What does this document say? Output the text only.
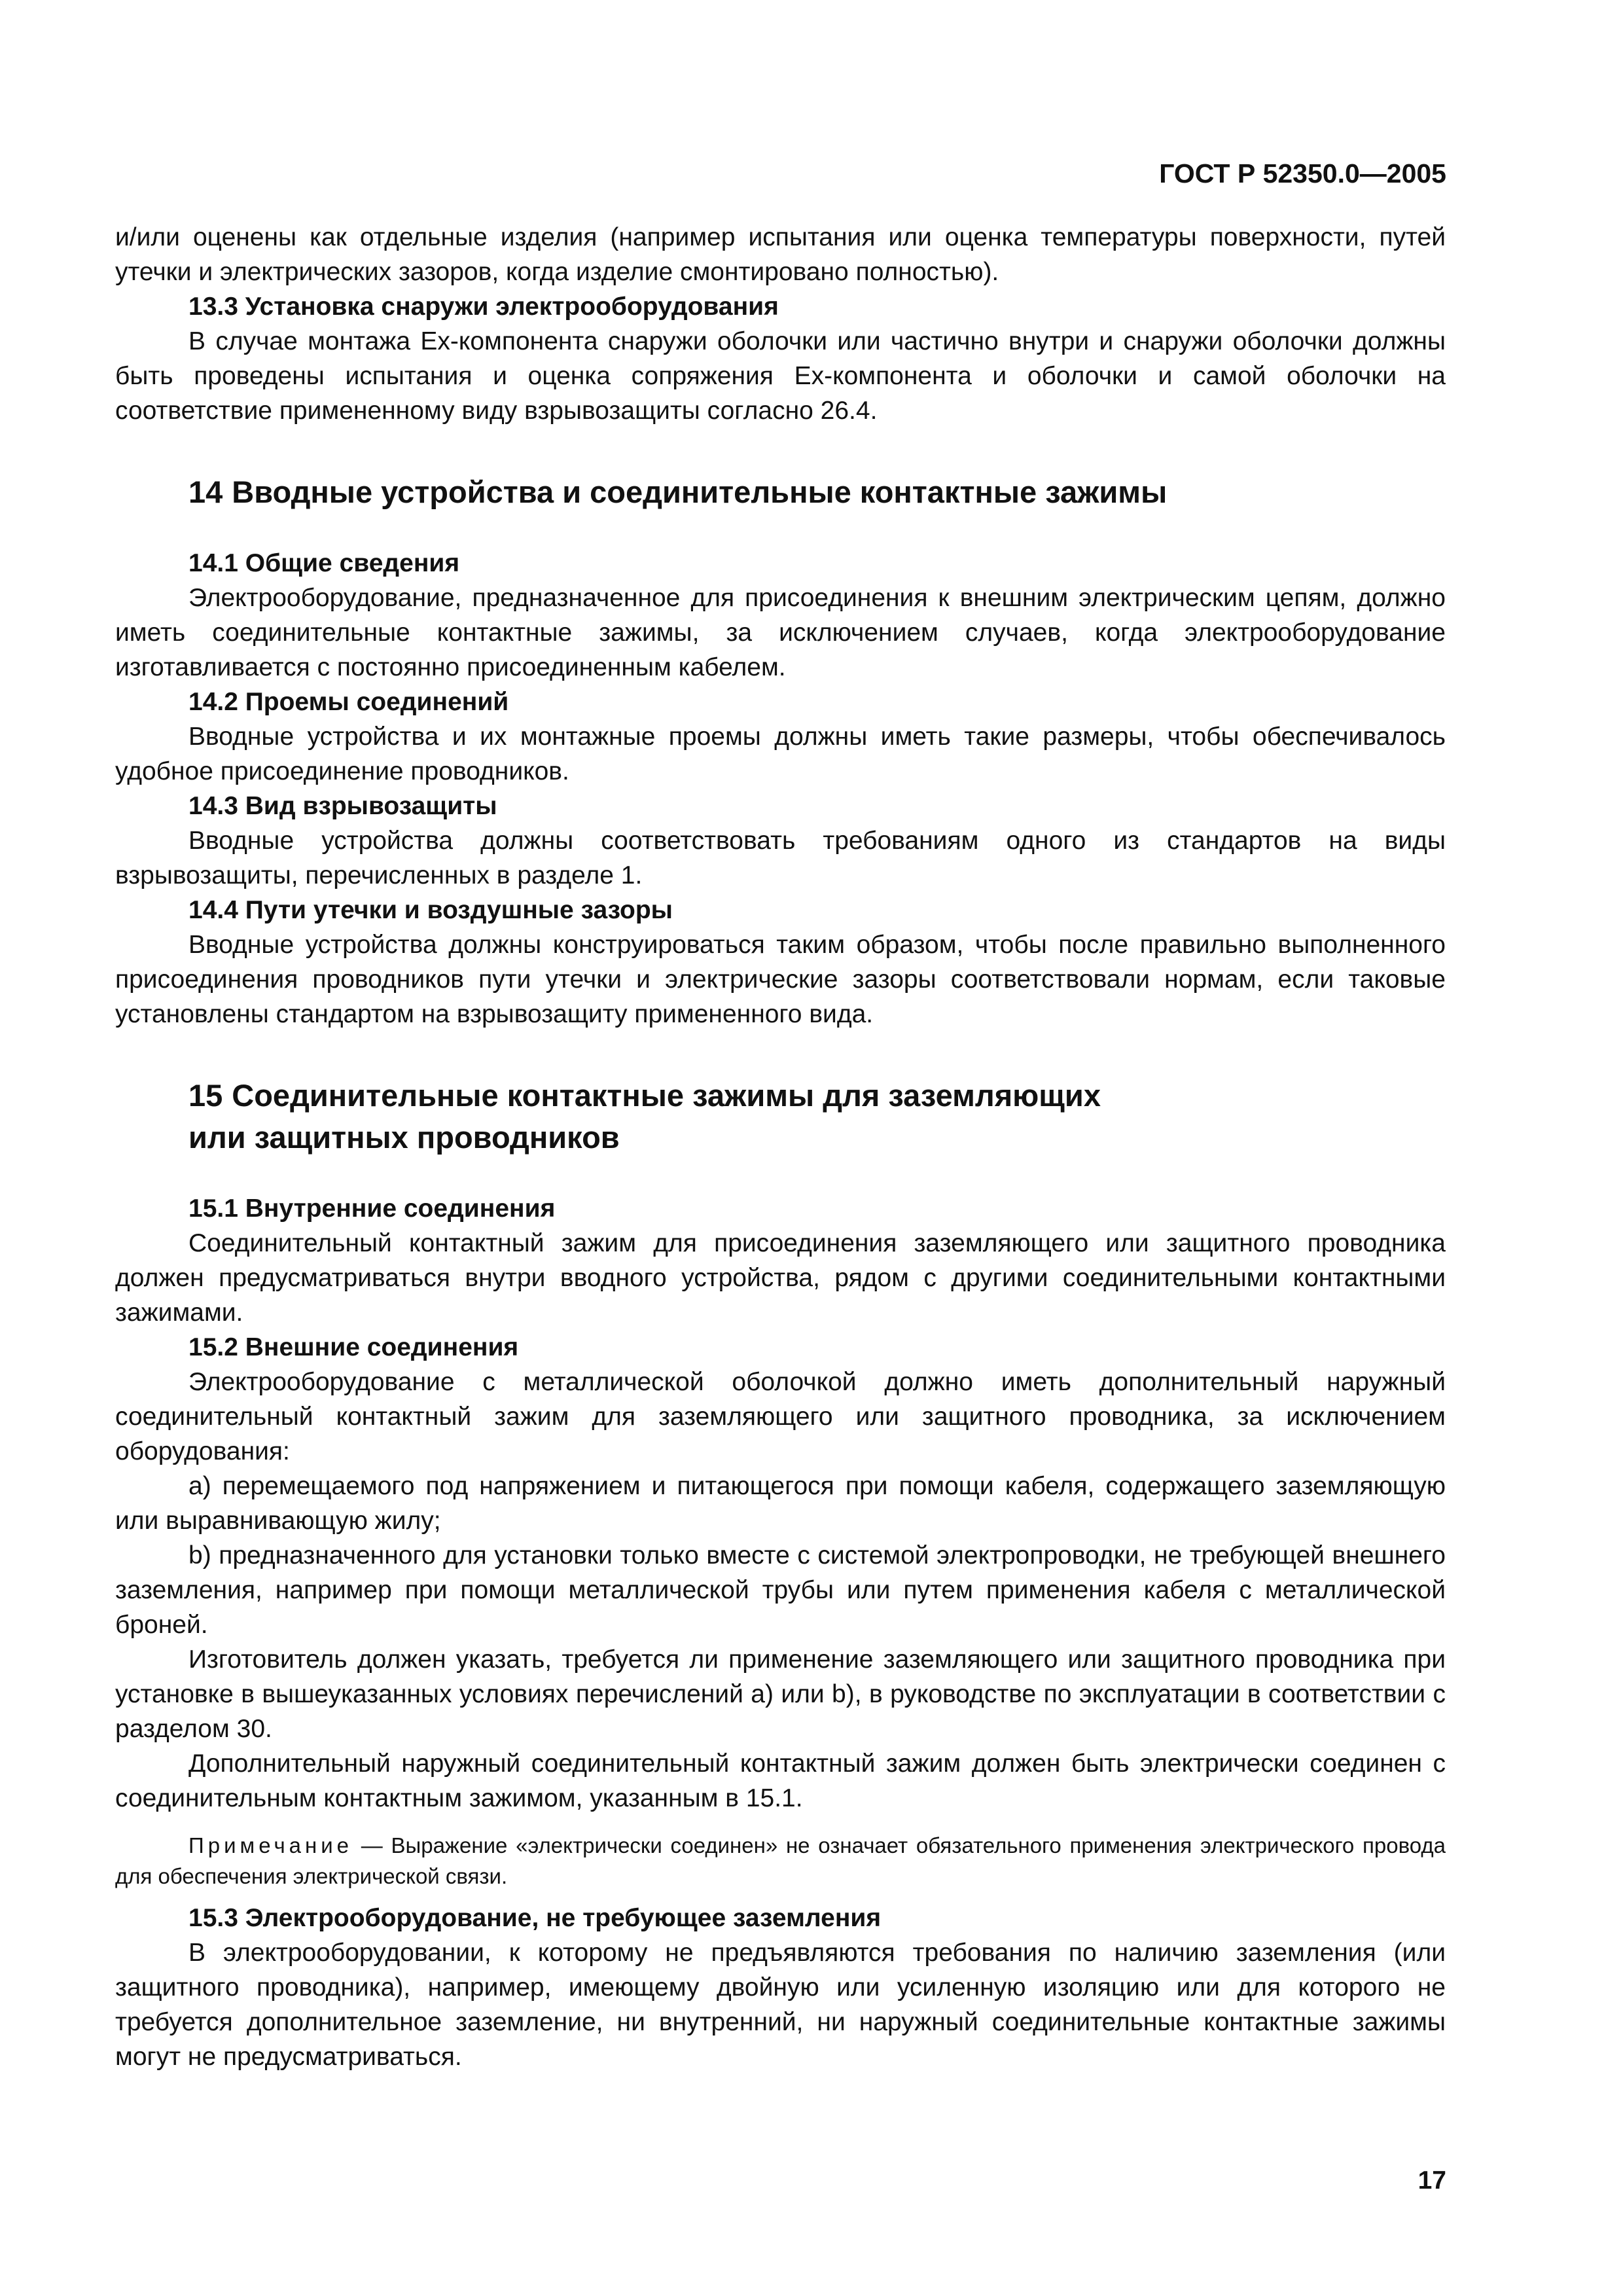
ГОСТ Р 52350.0—2005

и/или оценены как отдельные изделия (например испытания или оценка температуры поверхности, путей утечки и электрических зазоров, когда изделие смонтировано полностью).

13.3 Установка снаружи электрооборудования

В случае монтажа Ex-компонента снаружи оболочки или частично внутри и снаружи оболочки должны быть проведены испытания и оценка сопряжения Ex-компонента и оболочки и самой оболочки на соответствие примененному виду взрывозащиты согласно 26.4.

14 Вводные устройства и соединительные контактные зажимы

14.1 Общие сведения

Электрооборудование, предназначенное для присоединения к внешним электрическим цепям, должно иметь соединительные контактные зажимы, за исключением случаев, когда электрооборудование изготавливается с постоянно присоединенным кабелем.

14.2 Проемы соединений

Вводные устройства и их монтажные проемы должны иметь такие размеры, чтобы обеспечивалось удобное присоединение проводников.

14.3 Вид взрывозащиты

Вводные устройства должны соответствовать требованиям одного из стандартов на виды взрывозащиты, перечисленных в разделе 1.

14.4 Пути утечки и воздушные зазоры

Вводные устройства должны конструироваться таким образом, чтобы после правильно выполненного присоединения проводников пути утечки и электрические зазоры соответствовали нормам, если таковые установлены стандартом на взрывозащиту примененного вида.

15 Соединительные контактные зажимы для заземляющих
или защитных проводников

15.1 Внутренние соединения

Соединительный контактный зажим для присоединения заземляющего или защитного проводника должен предусматриваться внутри вводного устройства, рядом с другими соединительными контактными зажимами.

15.2 Внешние соединения

Электрооборудование с металлической оболочкой должно иметь дополнительный наружный соединительный контактный зажим для заземляющего или защитного проводника, за исключением оборудования:

a) перемещаемого под напряжением и питающегося при помощи кабеля, содержащего заземляющую или выравнивающую жилу;

b) предназначенного для установки только вместе с системой электропроводки, не требующей внешнего заземления, например при помощи металлической трубы или путем применения кабеля с металлической броней.

Изготовитель должен указать, требуется ли применение заземляющего или защитного проводника при установке в вышеуказанных условиях перечислений a) или b), в руководстве по эксплуатации в соответствии с разделом 30.

Дополнительный наружный соединительный контактный зажим должен быть электрически соединен с соединительным контактным зажимом, указанным в 15.1.

Примечание — Выражение «электрически соединен» не означает обязательного применения электрического провода для обеспечения электрической связи.

15.3 Электрооборудование, не требующее заземления

В электрооборудовании, к которому не предъявляются требования по наличию заземления (или защитного проводника), например, имеющему двойную или усиленную изоляцию или для которого не требуется дополнительное заземление, ни внутренний, ни наружный соединительные контактные зажимы могут не предусматриваться.

17
